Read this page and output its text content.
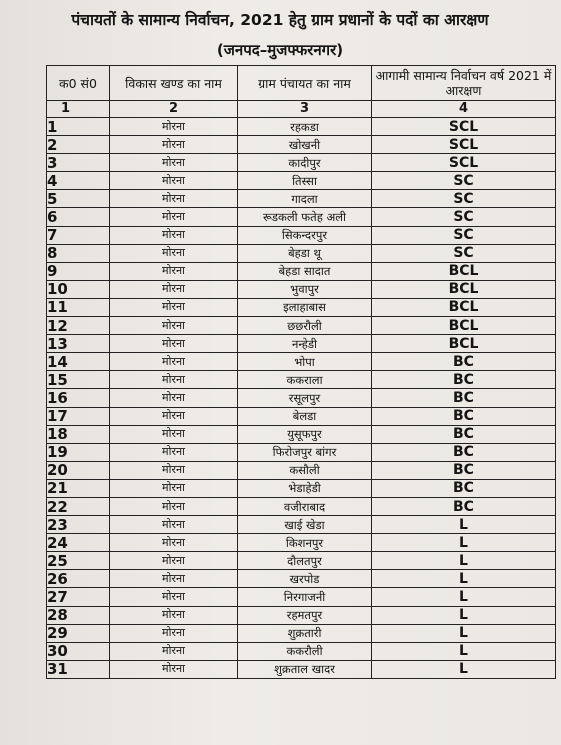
पंचायतों के सामान्य निर्वाचन, 2021 हेतु ग्राम प्रधानों के पदों का आरक्षण
(जनपद–मुजफ्फरनगर)
क0 सं0	विकास खण्ड का नाम	ग्राम पंचायत का नाम	आगामी सामान्य निर्वाचन वर्ष 2021 में आरक्षण
1	2	3	4
1	मोरना	रहकडा	SCL
2	मोरना	खोखनी	SCL
3	मोरना	कादीपुर	SCL
4	मोरना	तिस्सा	SC
5	मोरना	गादला	SC
6	मोरना	रूडकली फतेह अली	SC
7	मोरना	सिकन्दरपुर	SC
8	मोरना	बेहडा थू	SC
9	मोरना	बेहडा सादात	BCL
10	मोरना	भुवापुर	BCL
11	मोरना	इलाहाबास	BCL
12	मोरना	छछरौली	BCL
13	मोरना	नन्हेडी	BCL
14	मोरना	भोपा	BC
15	मोरना	ककराला	BC
16	मोरना	रसूलपुर	BC
17	मोरना	बेलडा	BC
18	मोरना	युसूफपुर	BC
19	मोरना	फिरोजपुर बांगर	BC
20	मोरना	कसौली	BC
21	मोरना	भेडाहेडी	BC
22	मोरना	वजीराबाद	BC
23	मोरना	खाई खेडा	L
24	मोरना	किशनपुर	L
25	मोरना	दौलतपुर	L
26	मोरना	खरपोड	L
27	मोरना	निरगाजनी	L
28	मोरना	रहमतपुर	L
29	मोरना	शुक्रतारी	L
30	मोरना	ककरौली	L
31	मोरना	शुक्रताल खादर	L
